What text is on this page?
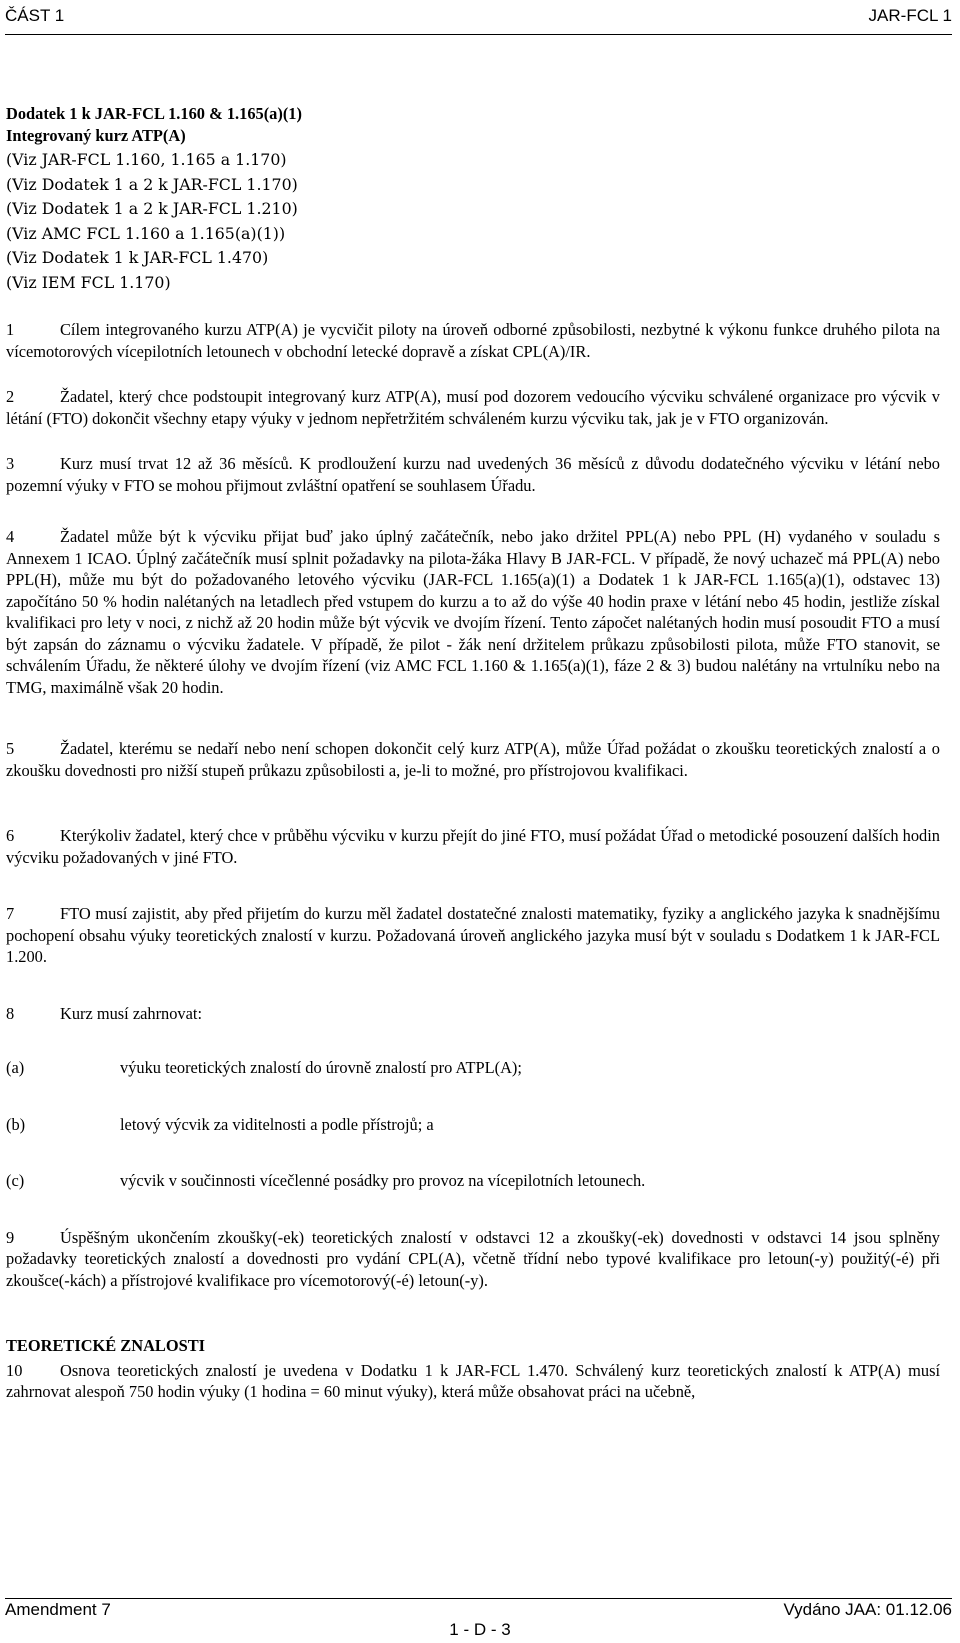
ČÁST 1	JAR-FCL 1
Dodatek 1 k JAR-FCL 1.160 & 1.165(a)(1)
Integrovaný kurz ATP(A)
(Viz JAR-FCL 1.160, 1.165 a 1.170)
(Viz Dodatek 1 a 2 k JAR-FCL 1.170)
(Viz Dodatek 1 a 2 k JAR-FCL 1.210)
(Viz AMC FCL 1.160 a 1.165(a)(1))
(Viz Dodatek 1 k JAR-FCL 1.470)
(Viz IEM FCL 1.170)

1	Cílem integrovaného kurzu ATP(A) je vycvičit piloty na úroveň odborné způsobilosti, nezbytné k výkonu funkce druhého pilota na vícemotorových vícepilotních letounech v obchodní letecké dopravě a získat CPL(A)/IR.

2	Žadatel, který chce podstoupit integrovaný kurz ATP(A), musí pod dozorem vedoucího výcviku schválené organizace pro výcvik v létání (FTO) dokončit všechny etapy výuky v jednom nepřetržitém schváleném kurzu výcviku tak, jak je v FTO organizován.

3	Kurz musí trvat 12 až 36 měsíců. K prodloužení kurzu nad uvedených 36 měsíců z důvodu dodatečného výcviku v létání nebo pozemní výuky v FTO se mohou přijmout zvláštní opatření se souhlasem Úřadu.

4	Žadatel může být k výcviku přijat buď jako úplný začátečník, nebo jako držitel PPL(A) nebo PPL (H) vydaného v souladu s Annexem 1 ICAO. Úplný začátečník musí splnit požadavky na pilota-žáka Hlavy B JAR-FCL. V případě, že nový uchazeč má PPL(A) nebo PPL(H), může mu být do požadovaného letového výcviku (JAR-FCL 1.165(a)(1) a Dodatek 1 k JAR-FCL 1.165(a)(1), odstavec 13) započítáno 50 % hodin nalétaných na letadlech před vstupem do kurzu a to až do výše 40 hodin praxe v létání nebo 45 hodin, jestliže získal kvalifikaci pro lety v noci, z nichž až 20 hodin může být výcvik ve dvojím řízení. Tento zápočet nalétaných hodin musí posoudit FTO a musí být zapsán do záznamu o výcviku žadatele. V případě, že pilot - žák není držitelem průkazu způsobilosti pilota, může FTO stanovit, se schválením Úřadu, že některé úlohy ve dvojím řízení (viz AMC FCL 1.160 & 1.165(a)(1), fáze 2 & 3) budou nalétány na vrtulníku nebo na TMG, maximálně však 20 hodin.

5	Žadatel, kterému se nedaří nebo není schopen dokončit celý kurz ATP(A), může Úřad požádat o zkoušku teoretických znalostí a o zkoušku dovednosti pro nižší stupeň průkazu způsobilosti a, je-li to možné, pro přístrojovou kvalifikaci.

6	Kterýkoliv žadatel, který chce v průběhu výcviku v kurzu přejít do jiné FTO, musí požádat Úřad o metodické posouzení dalších hodin výcviku požadovaných v jiné FTO.

7	FTO musí zajistit, aby před přijetím do kurzu měl žadatel dostatečné znalosti matematiky, fyziky a anglického jazyka k snadnějšímu pochopení obsahu výuky teoretických znalostí v kurzu. Požadovaná úroveň anglického jazyka musí být v souladu s Dodatkem 1 k JAR-FCL 1.200.

8	Kurz musí zahrnovat:

(a)	výuku teoretických znalostí do úrovně znalostí pro ATPL(A);
(b)	letový výcvik za viditelnosti a podle přístrojů; a
(c)	výcvik v součinnosti vícečlenné posádky pro provoz na vícepilotních letounech.

9	Úspěšným ukončením zkoušky(-ek) teoretických znalostí v odstavci 12 a zkoušky(-ek) dovednosti v odstavci 14 jsou splněny požadavky teoretických znalostí a dovednosti pro vydání CPL(A), včetně třídní nebo typové kvalifikace pro letoun(-y) použitý(-é) při zkoušce(-kách) a přístrojové kvalifikace pro vícemotorový(-é) letoun(-y).

TEORETICKÉ ZNALOSTI

10 Osnova teoretických znalostí je uvedena v Dodatku 1 k JAR-FCL 1.470. Schválený kurz teoretických znalostí k ATP(A) musí zahrnovat alespoň 750 hodin výuky (1 hodina = 60 minut výuky), která může obsahovat práci na učebně,

Amendment 7	Vydáno JAA: 01.12.06
1 - D - 3
